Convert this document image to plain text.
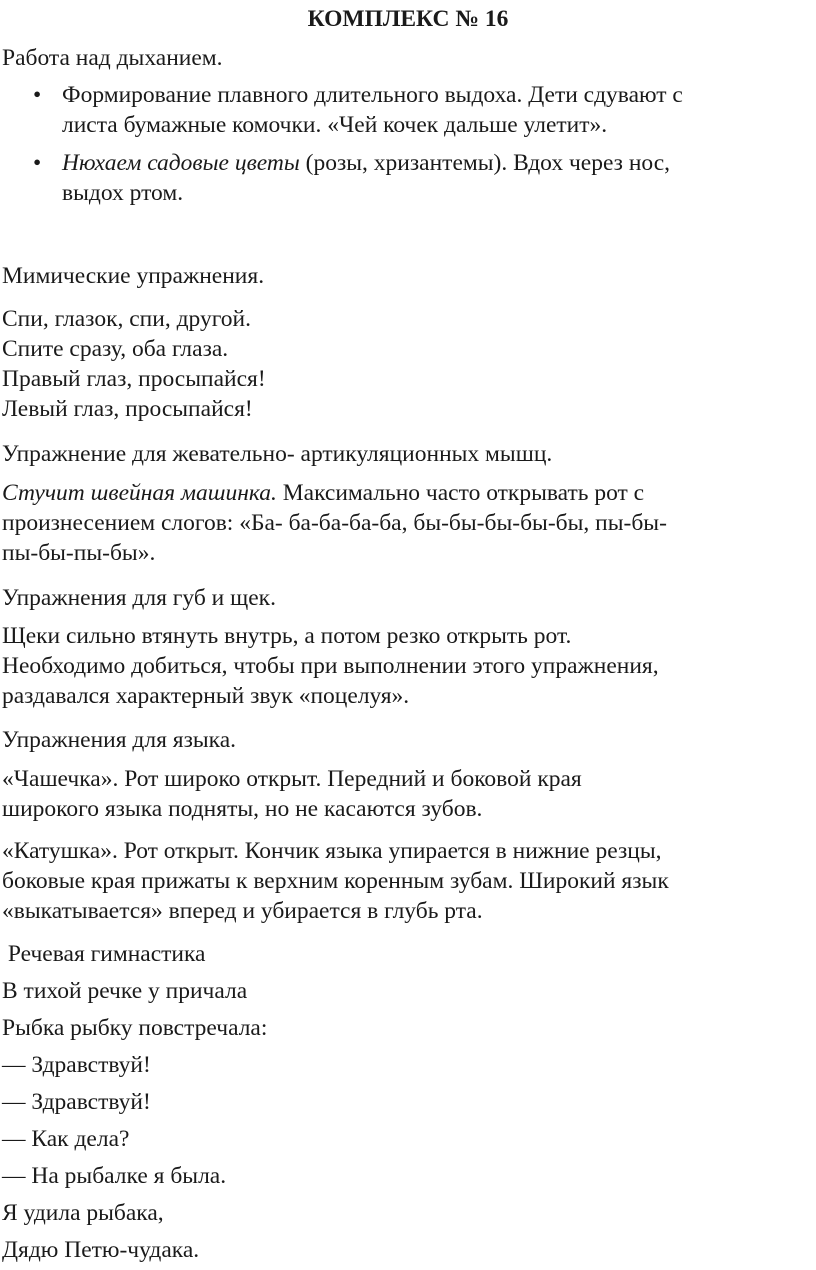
КОМПЛЕКС № 16

Работа над дыханием.

• Формирование плавного длительного выдоха. Дети сдувают с
листа бумажные комочки. «Чей кочек дальше улетит».
• Нюхаем садовые цветы (розы, хризантемы). Вдох через нос,
выдох ртом.

Мимические упражнения.

Спи, глазок, спи, другой.
Спите сразу, оба глаза.
Правый глаз, просыпайся!
Левый глаз, просыпайся!

Упражнение для жевательно- артикуляционных мышц.

Стучит швейная машинка. Максимально часто открывать рот с
произнесением слогов: «Ба- ба-ба-ба-ба, бы-бы-бы-бы-бы, пы-бы-
пы-бы-пы-бы».

Упражнения для губ и щек.

Щеки сильно втянуть внутрь, а потом резко открыть рот.
Необходимо добиться, чтобы при выполнении этого упражнения,
раздавался характерный звук «поцелуя».

Упражнения для языка.

«Чашечка». Рот широко открыт. Передний и боковой края
широкого языка подняты, но не касаются зубов.

«Катушка». Рот открыт. Кончик языка упирается в нижние резцы,
боковые края прижаты к верхним коренным зубам. Широкий язык
«выкатывается» вперед и убирается в глубь рта.

Речевая гимнастика

В тихой речке у причала

Рыбка рыбку повстречала:

— Здравствуй!

— Здравствуй!

— Как дела?

— На рыбалке я была.

Я удила рыбака,

Дядю Петю-чудака.
